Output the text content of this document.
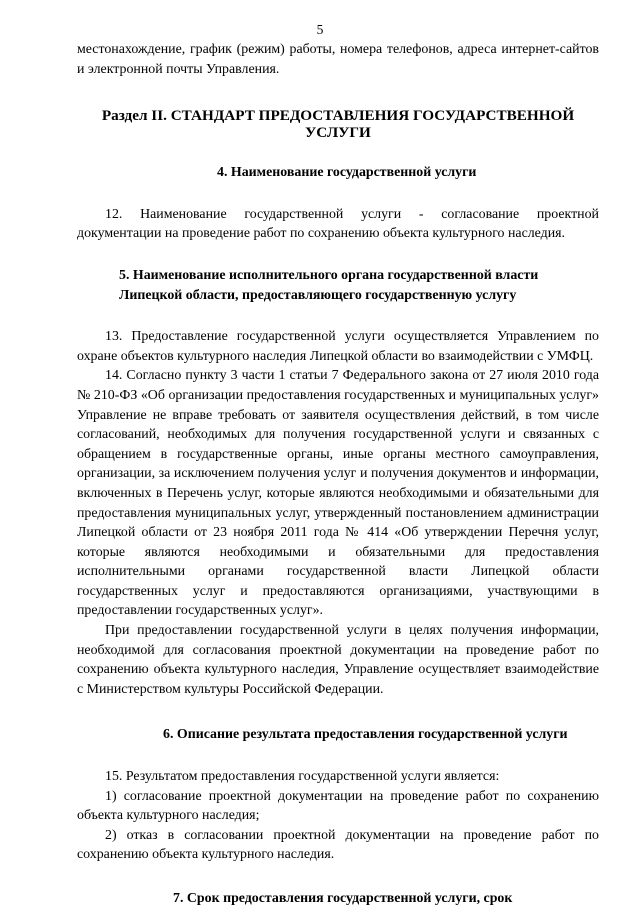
5

местонахождение, график (режим) работы, номера телефонов, адреса интернет-сайтов и электронной почты Управления.

Раздел II. СТАНДАРТ ПРЕДОСТАВЛЕНИЯ ГОСУДАРСТВЕННОЙ УСЛУГИ

4. Наименование государственной услуги

12. Наименование государственной услуги - согласование проектной документации на проведение работ по сохранению объекта культурного наследия.

5. Наименование исполнительного органа государственной власти
Липецкой области, предоставляющего государственную услугу

13. Предоставление государственной услуги осуществляется Управлением по охране объектов культурного наследия Липецкой области во взаимодействии с УМФЦ.

14. Согласно пункту 3 части 1 статьи 7 Федерального закона от 27 июля 2010 года № 210-ФЗ «Об организации предоставления государственных и муниципальных услуг» Управление не вправе требовать от заявителя осуществления действий, в том числе согласований, необходимых для получения государственной услуги и связанных с обращением в государственные органы, иные органы местного самоуправления, организации, за исключением получения услуг и получения документов и информации, включенных в Перечень услуг, которые являются необходимыми и обязательными для предоставления муниципальных услуг, утвержденный постановлением администрации Липецкой области от 23 ноября 2011 года № 414 «Об утверждении Перечня услуг, которые являются необходимыми и обязательными для предоставления исполнительными органами государственной власти Липецкой области государственных услуг и предоставляются организациями, участвующими в предоставлении государственных услуг».

При предоставлении государственной услуги в целях получения информации, необходимой для согласования проектной документации на проведение работ по сохранению объекта культурного наследия, Управление осуществляет взаимодействие с Министерством культуры Российской Федерации.

6. Описание результата предоставления государственной услуги

15. Результатом предоставления государственной услуги является:

1) согласование проектной документации на проведение работ по сохранению объекта культурного наследия;

2) отказ в согласовании проектной документации на проведение работ по сохранению объекта культурного наследия.

7. Срок предоставления государственной услуги, срок
